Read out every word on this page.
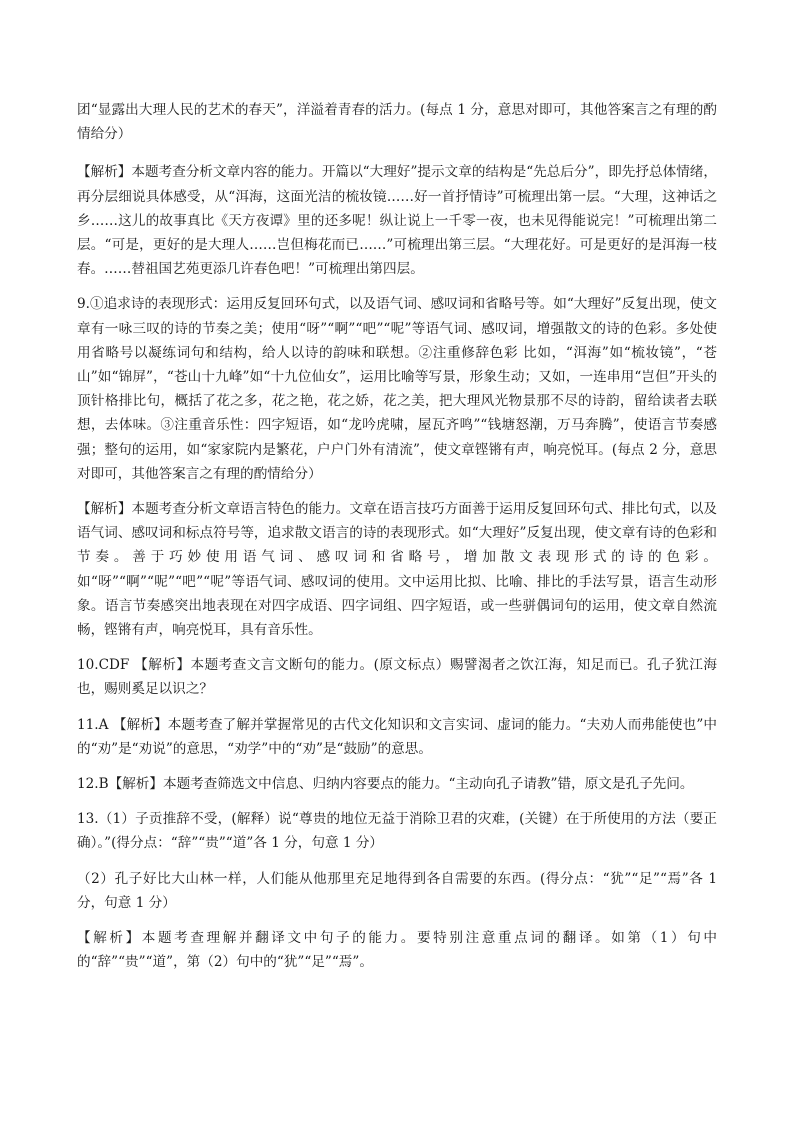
团“显露出大理人民的艺术的春天”，洋溢着青春的活力。(每点 1 分，意思对即可，其他答案言之有理的酌情给分）

【解析】本题考查分析文章内容的能力。开篇以“大理好”提示文章的结构是“先总后分”，即先抒总体情绪，再分层细说具体感受，从“洱海，这面光洁的梳妆镜……好一首抒情诗”可梳理出第一层。“大理，这神话之乡……这儿的故事真比《天方夜谭》里的还多呢！纵让说上一千零一夜，也未见得能说完！”可梳理出第二层。“可是，更好的是大理人……岂但梅花而已……”可梳理出第三层。“大理花好。可是更好的是洱海一枝春。……替祖国艺苑更添几许春色吧！”可梳理出第四层。

9.①追求诗的表现形式：运用反复回环句式，以及语气词、感叹词和省略号等。如“大理好”反复出现，使文章有一咏三叹的诗的节奏之美；使用“呀”“啊”“吧”“呢”等语气词、感叹词，增强散文的诗的色彩。多处使用省略号以凝练词句和结构，给人以诗的韵味和联想。②注重修辞色彩 比如，“洱海”如“梳妆镜”，“苍山”如“锦屏”，“苍山十九峰”如“十九位仙女”，运用比喻等写景，形象生动；又如，一连串用“岂但”开头的顶针格排比句，概括了花之多，花之艳，花之娇，花之美，把大理风光物景那不尽的诗韵，留给读者去联想，去体味。③注重音乐性：四字短语，如“龙吟虎啸，屋瓦齐鸣”“钱塘怒潮，万马奔腾”，使语言节奏感强；整句的运用，如“家家院内是繁花，户户门外有清流”，使文章铿锵有声，响亮悦耳。(每点 2 分，意思对即可，其他答案言之有理的酌情给分）

【解析】本题考查分析文章语言特色的能力。文章在语言技巧方面善于运用反复回环句式、排比句式，以及语气词、感叹词和标点符号等，追求散文语言的诗的表现形式。如“大理好”反复出现，使文章有诗的色彩和节奏。善于巧妙使用语气词、感叹词和省略号，增加散文表现形式的诗的色彩。如“呀”“啊”“呢”“吧”“呢”等语气词、感叹词的使用。文中运用比拟、比喻、排比的手法写景，语言生动形象。语言节奏感突出地表现在对四字成语、四字词组、四字短语，或一些骈偶词句的运用，使文章自然流畅，铿锵有声，响亮悦耳，具有音乐性。

10.CDF 【解析】本题考查文言文断句的能力。(原文标点）赐譬渴者之饮江海，知足而已。孔子犹江海也，赐则奚足以识之？

11.A 【解析】本题考查了解并掌握常见的古代文化知识和文言实词、虚词的能力。“夫劝人而弗能使也”中的“劝”是“劝说”的意思，“劝学”中的“劝”是“鼓励”的意思。

12.B【解析】本题考查筛选文中信息、归纳内容要点的能力。“主动向孔子请教”错，原文是孔子先问。

13.（1）子贡推辞不受，(解释）说“尊贵的地位无益于消除卫君的灾难，(关键）在于所使用的方法（要正确）。”(得分点：“辞”“贵”“道”各 1 分，句意 1 分）

（2）孔子好比大山林一样，人们能从他那里充足地得到各自需要的东西。(得分点：“犹”“足”“焉”各 1 分，句意 1 分）

【解析】本题考查理解并翻译文中句子的能力。要特别注意重点词的翻译。如第（1）句中的“辞”“贵”“道”，第（2）句中的“犹”“足”“焉”。
